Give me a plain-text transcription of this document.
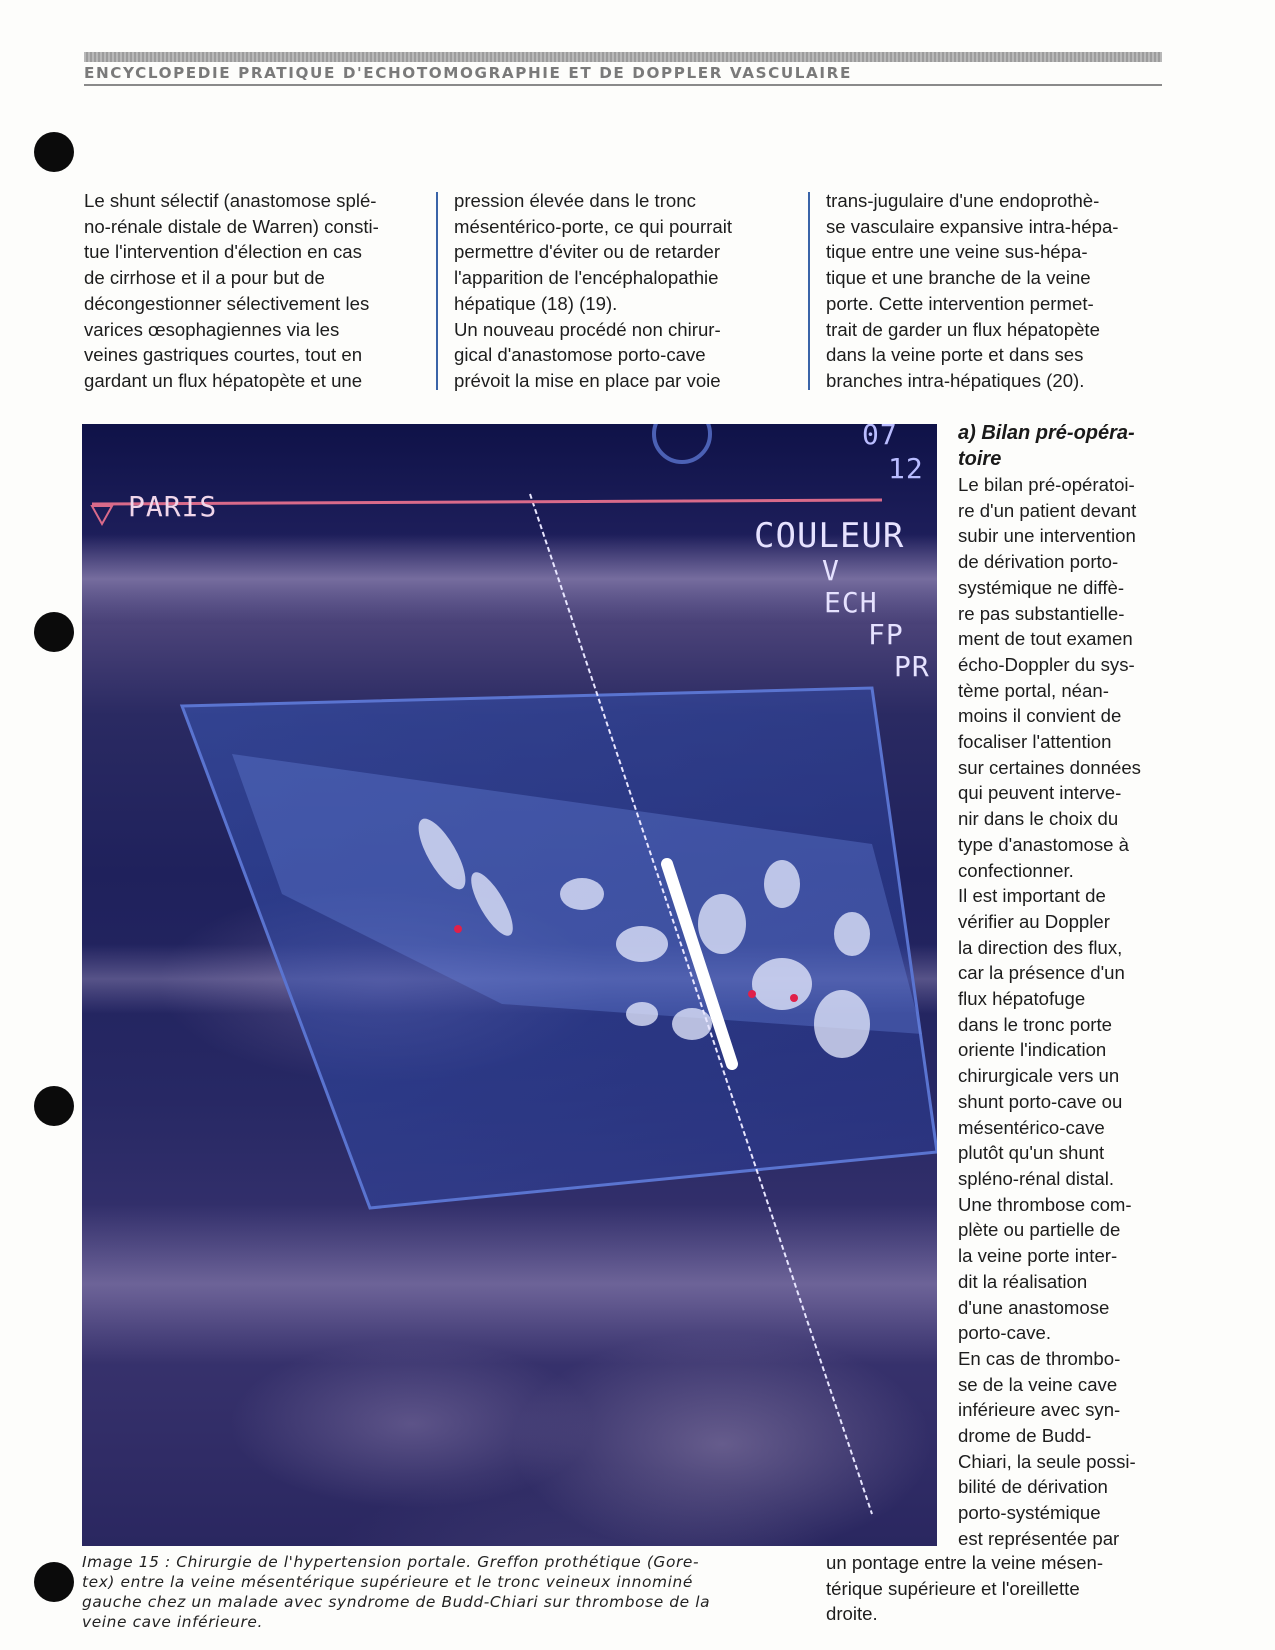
ENCYCLOPEDIE PRATIQUE D'ECHOTOMOGRAPHIE ET DE DOPPLER VASCULAIRE
Le shunt sélectif (anastomose splé-
no-rénale distale de Warren) consti-
tue l'intervention d'élection en cas
de cirrhose et il a pour but de
décongestionner sélectivement les
varices œsophagiennes via les
veines gastriques courtes, tout en
gardant un flux hépatopète et une
pression élevée dans le tronc
mésentérico-porte, ce qui pourrait
permettre d'éviter ou de retarder
l'apparition de l'encéphalopathie
hépatique (18) (19).
Un nouveau procédé non chirur-
gical d'anastomose porto-cave
prévoit la mise en place par voie
trans-jugulaire d'une endoprothè-
se vasculaire expansive intra-hépa-
tique entre une veine sus-hépa-
tique et une branche de la veine
porte. Cette intervention permet-
trait de garder un flux hépatopète
dans la veine porte et dans ses
branches intra-hépatiques (20).
PARIS
COULEUR
V
ECH
FP
PR
07
12
a) Bilan pré-opéra-
toire
Le bilan pré-opératoi-
re d'un patient devant
subir une intervention
de dérivation porto-
systémique ne diffè-
re pas substantielle-
ment de tout examen
écho-Doppler du sys-
tème portal, néan-
moins il convient de
focaliser l'attention
sur certaines données
qui peuvent interve-
nir dans le choix du
type d'anastomose à
confectionner.
Il est important de
vérifier au Doppler
la direction des flux,
car la présence d'un
flux hépatofuge
dans le tronc porte
oriente l'indication
chirurgicale vers un
shunt porto-cave ou
mésentérico-cave
plutôt qu'un shunt
spléno-rénal distal.
Une thrombose com-
plète ou partielle de
la veine porte inter-
dit la réalisation
d'une anastomose
porto-cave.
En cas de thrombo-
se de la veine cave
inférieure avec syn-
drome de Budd-
Chiari, la seule possi-
bilité de dérivation
porto-systémique
est représentée par
un pontage entre la veine mésen-
térique supérieure et l'oreillette
droite.
Image 15 : Chirurgie de l'hypertension portale. Greffon prothétique (Gore-
tex) entre la veine mésentérique supérieure et le tronc veineux innominé
gauche chez un malade avec syndrome de Budd-Chiari sur thrombose de la
veine cave inférieure.
